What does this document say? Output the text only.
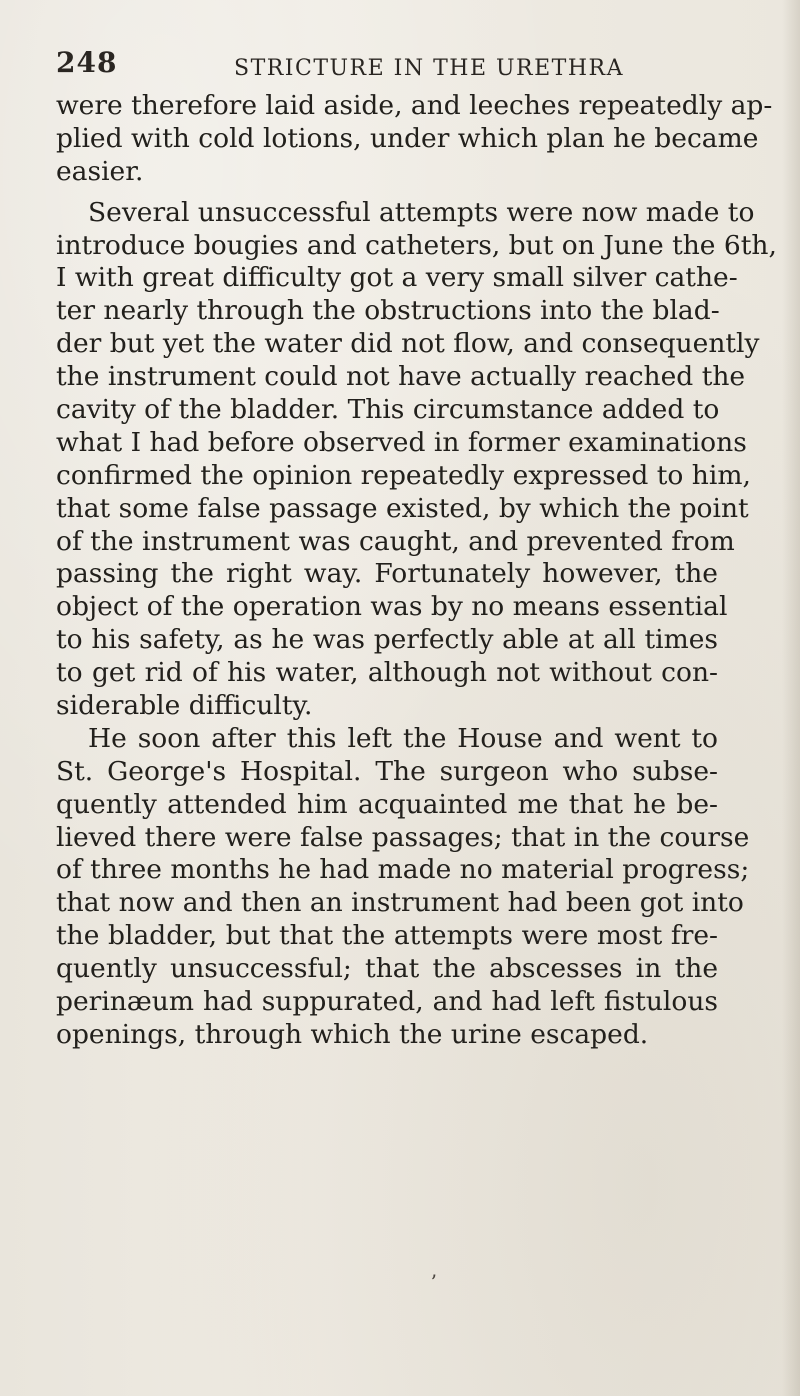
248	STRICTURE IN THE URETHRA
were therefore laid aside, and leeches repeatedly ap-
plied with cold lotions, under which plan he became
easier.
Several unsuccessful attempts were now made to
introduce bougies and catheters, but on June the 6th,
I with great difficulty got a very small silver cathe-
ter nearly through the obstructions into the blad-
der but yet the water did not flow, and consequently
the instrument could not have actually reached the
cavity of the bladder. This circumstance added to
what I had before observed in former examinations
confirmed the opinion repeatedly expressed to him,
that some false passage existed, by which the point
of the instrument was caught, and prevented from
passing the right way. Fortunately however, the
object of the operation was by no means essential
to his safety, as he was perfectly able at all times
to get rid of his water, although not without con-
siderable difficulty.
He soon after this left the House and went to
St. George's Hospital. The surgeon who subse-
quently attended him acquainted me that he be-
lieved there were false passages; that in the course
of three months he had made no material progress;
that now and then an instrument had been got into
the bladder, but that the attempts were most fre-
quently unsuccessful; that the abscesses in the
perinæum had suppurated, and had left fistulous
openings, through which the urine escaped.
ʼ
